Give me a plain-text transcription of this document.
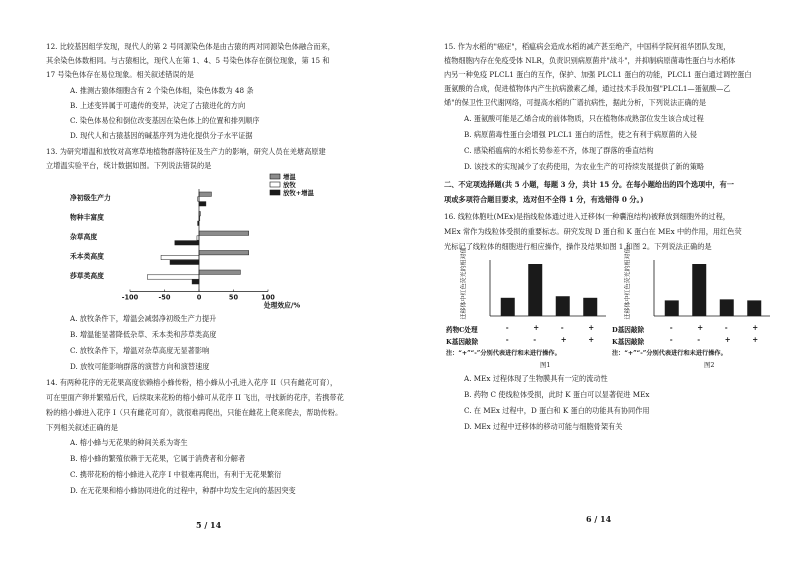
12. 比较基因组学发现，现代人的第 2 号同源染色体是由古猿的两对同源染色体融合而来，
其余染色体数相同。与古猿相比，现代人在第 1、4、5 号染色体存在倒位现象，第 15 和
17 号染色体存在易位现象。相关叙述错误的是
A. 推测古猿体细胞含有 2 个染色体组，染色体数为 48 条
B. 上述变异属于可遗传的变异，决定了古猿进化的方向
C. 染色体易位和倒位改变基因在染色体上的位置和排列顺序
D. 现代人和古猿基因的碱基序列为进化提供分子水平证据
13. 为研究增温和放牧对高寒草地植物群落特征及生产力的影响，研究人员在羌塘高原建
立增温实验平台，统计数据如图。下列说法错误的是
增温
放牧
放牧+增温
净初级生产力
物种丰富度
杂草高度
禾本类高度
莎草类高度
-100	-50	0	50	100
处理效应/%
A. 放牧条件下，增温会减弱净初级生产力提升
B. 增温能显著降低杂草、禾本类和莎草类高度
C. 放牧条件下，增温对杂草高度无显著影响
D. 放牧可能影响群落的演替方向和演替速度
14. 有两种花序的无花果高度依赖榕小蜂传粉，榕小蜂从小孔进入花序 II（只有雌花可育），
可在里面产卵并繁殖后代，后续取来花粉的榕小蜂可从花序 II 飞出，寻找新的花序，若携带花
粉的榕小蜂进入花序 I（只有雌花可育），就很难再爬出，只能在雌花上爬来爬去，帮助传粉。
下列相关叙述正确的是
A. 榕小蜂与无花果的种间关系为寄生
B. 榕小蜂的繁殖依赖于无花果，它属于消费者和分解者
C. 携带花粉的榕小蜂进入花序 I 中很难再爬出，有利于无花果繁衍
D. 在无花果和榕小蜂协同进化的过程中，种群中均发生定向的基因突变
5 / 14
15. 作为水稻的"癌症"，稻瘟病会造成水稻的减产甚至绝产，中国科学院何祖华团队发现，
植物细胞内存在免疫受体 NLR，负责识别病原菌并"战斗"，并抑制病原菌毒性蛋白与水稻体
内另一种免疫 PLCL1 蛋白的互作，保护、加强 PLCL1 蛋白的功能，PLCL1 蛋白通过调控蛋白
蛋氨酸的合成，促进植物体内产生抗病激素乙烯，通过技术手段加强"PLCL1—蛋氨酸—乙
烯"的保卫性卫代谢网络，可提高水稻的广谱抗病性，据此分析，下列说法正确的是
A. 蛋氨酸可能是乙烯合成的前体物质，只在植物体成熟部位发生该合成过程
B. 病原菌毒性蛋白会增强 PLCL1 蛋白的活性，使之有利于病原菌的入侵
C. 感染稻瘟病的水稻长势参差不齐，体现了群落的垂直结构
D. 该技术的实现减少了农药使用，为农业生产的可持续发展提供了新的策略
二、不定项选择题(共 5 小题，每题 3 分，共计 15 分。在每小题给出的四个选项中，有一
项或多项符合题目要求，选对但不全得 1 分，有选错得 0 分。)
16. 线粒体胞吐(MEx)是指线粒体通过进入迁移体(一种囊泡结构)被释放到细胞外的过程，
MEx 常作为线粒体受损的重要标志。研究发现 D 蛋白和 K 蛋白在 MEx 中的作用，用红色荧
光标记了线粒体的细胞进行相应操作，操作及结果如图 1 和图 2。下列说法正确的是
迁移体中红色荧光的相对值
药物C处理
K基因敲除
-	+	-	+
-	-	+	+
注：“+”“-”分别代表进行和未进行操作。
图1
迁移体中红色荧光的相对值
D基因敲除
K基因敲除
-	+	-	+
-	-	+	+
注：“+”“-”分别代表进行和未进行操作。
图2
A. MEx 过程体现了生物膜具有一定的流动性
B. 药物 C 使线粒体受损，此时 K 蛋白可以显著促进 MEx
C. 在 MEx 过程中，D 蛋白和 K 蛋白的功能具有协同作用
D. MEx 过程中迁移体的移动可能与细胞骨架有关
6 / 14
